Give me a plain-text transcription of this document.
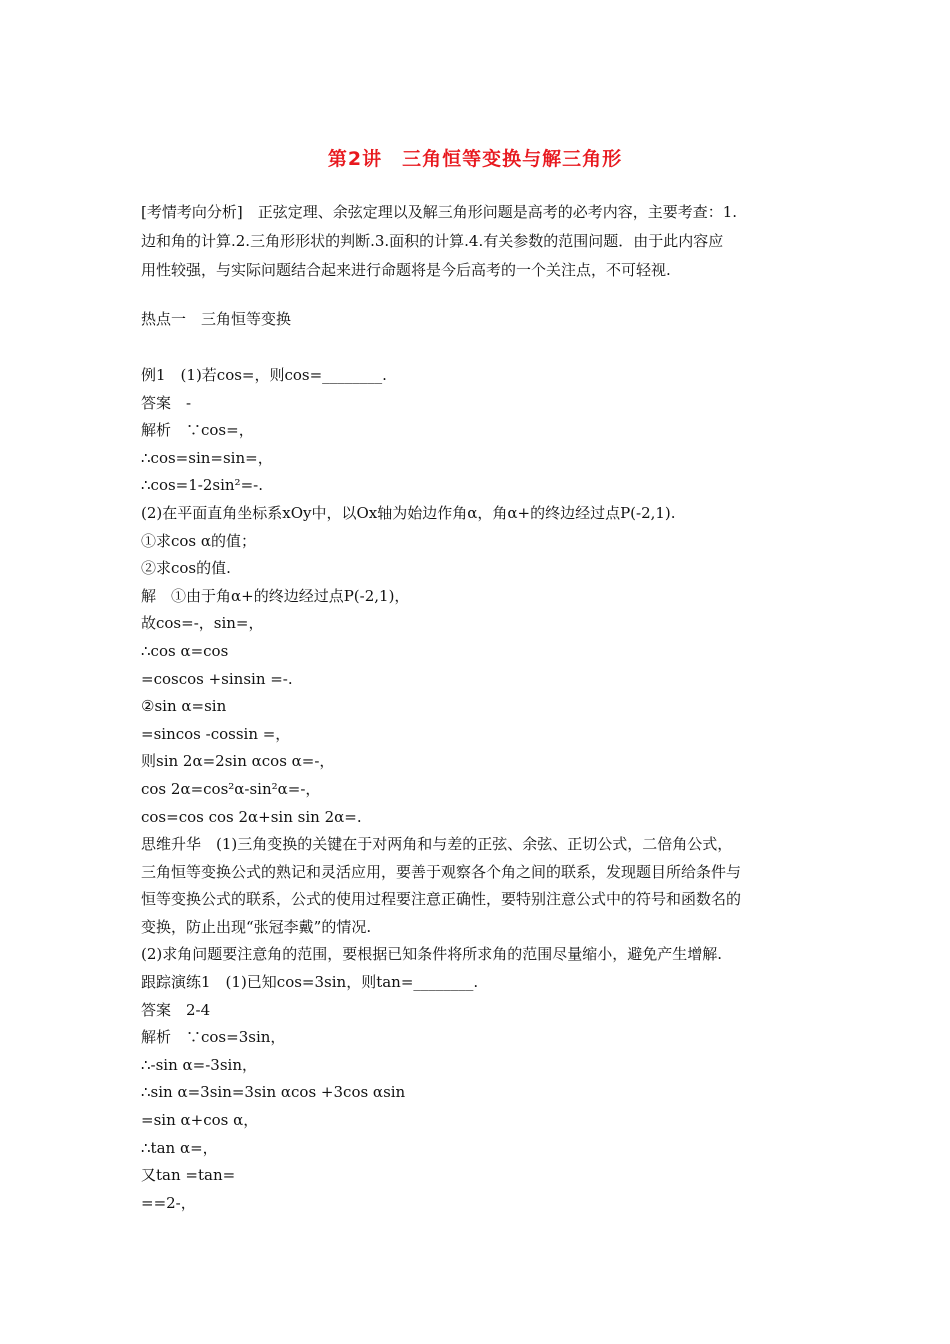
第2讲　三角恒等变换与解三角形

[考情考向分析]　正弦定理、余弦定理以及解三角形问题是高考的必考内容，主要考查：1.

边和角的计算.2.三角形形状的判断.3.面积的计算.4.有关参数的范围问题．由于此内容应

用性较强，与实际问题结合起来进行命题将是今后高考的一个关注点，不可轻视.

热点一　三角恒等变换

例1　(1)若cos=，则cos=________.

答案　-

解析　∵cos=，

∴cos=sin=sin=，

∴cos=1-2sin²=-.

(2)在平面直角坐标系xOy中，以Ox轴为始边作角α，角α+的终边经过点P(-2,1).

①求cos α的值；

②求cos的值.

解　①由于角α+的终边经过点P(-2,1)，

故cos=-，sin=，

∴cos α=cos

=coscos +sinsin =-.

②sin α=sin

=sincos -cossin =，

则sin 2α=2sin αcos α=-，

cos 2α=cos²α-sin²α=-，

cos=cos cos 2α+sin sin 2α=.

思维升华　(1)三角变换的关键在于对两角和与差的正弦、余弦、正切公式，二倍角公式，

三角恒等变换公式的熟记和灵活应用，要善于观察各个角之间的联系，发现题目所给条件与

恒等变换公式的联系，公式的使用过程要注意正确性，要特别注意公式中的符号和函数名的

变换，防止出现“张冠李戴”的情况.

(2)求角问题要注意角的范围，要根据已知条件将所求角的范围尽量缩小，避免产生增解.

跟踪演练1　(1)已知cos=3sin，则tan=________.

答案　2-4

解析　∵cos=3sin，

∴-sin α=-3sin，

∴sin α=3sin=3sin αcos +3cos αsin

=sin α+cos α，

∴tan α=，

又tan =tan=

==2-，
